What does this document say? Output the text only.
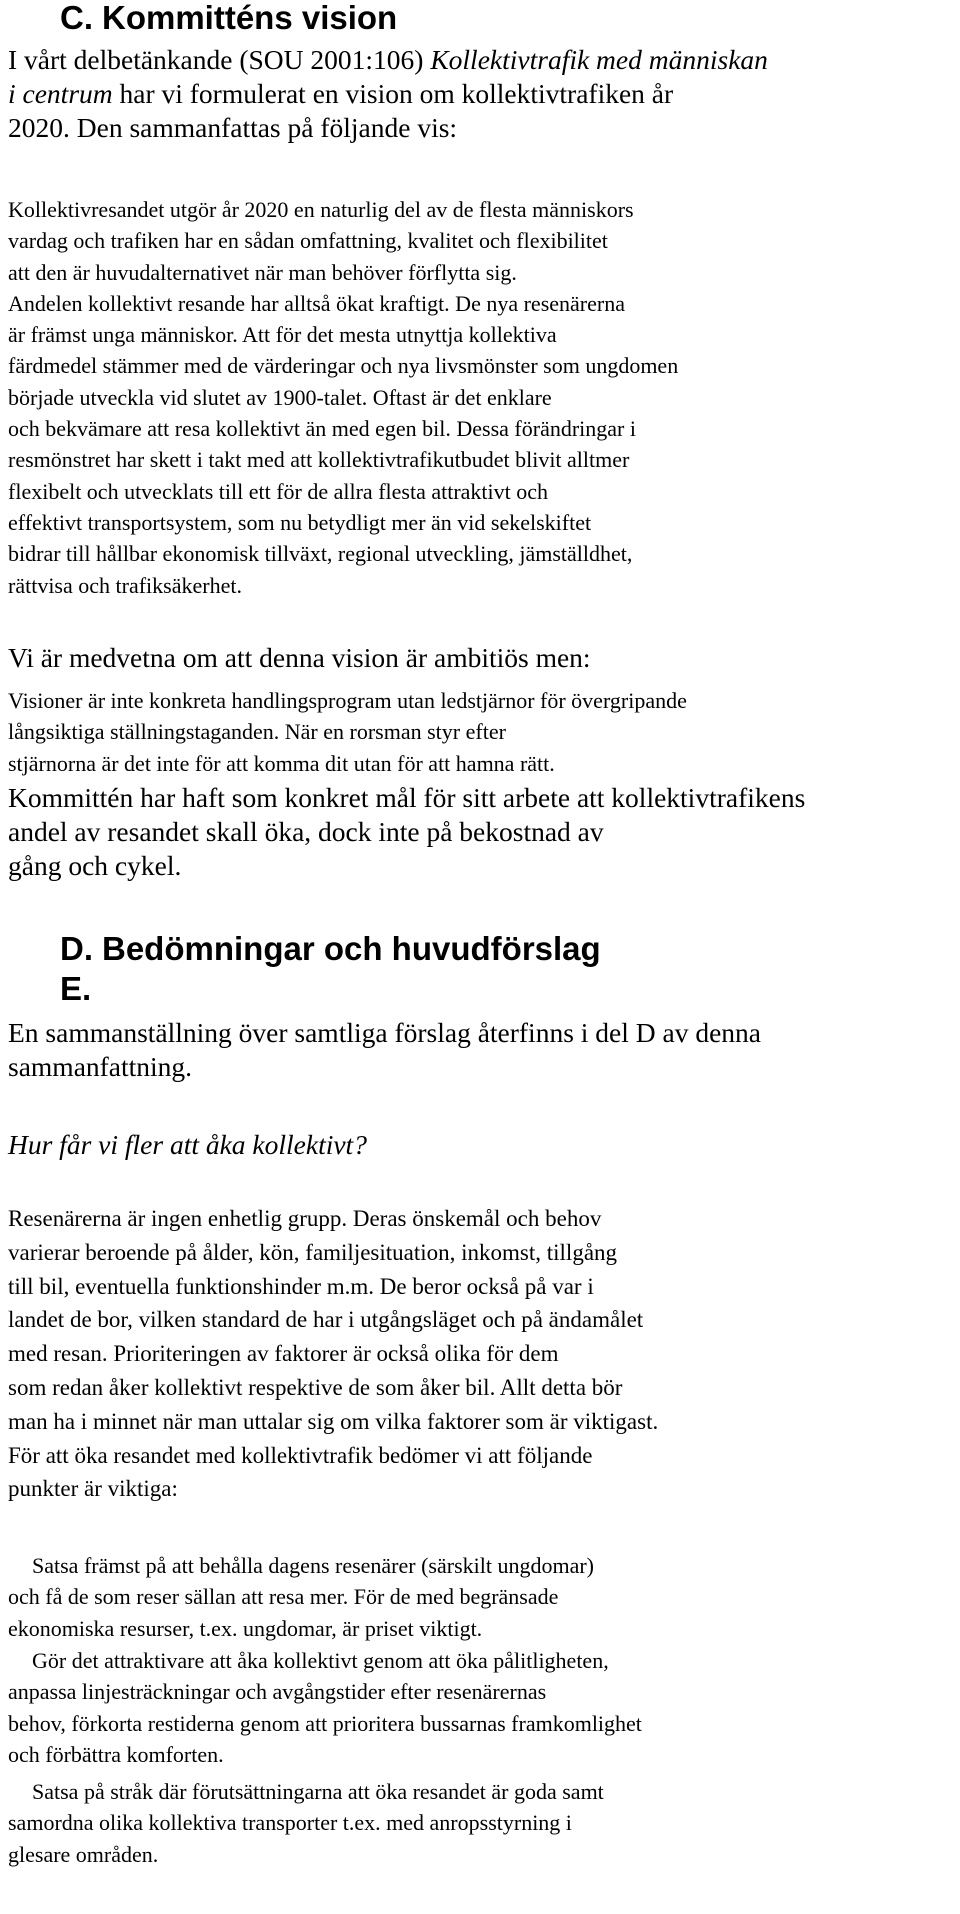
C. Kommitténs vision

I vårt delbetänkande (SOU 2001:106) Kollektivtrafik med människan
i centrum har vi formulerat en vision om kollektivtrafiken år
2020. Den sammanfattas på följande vis:

Kollektivresandet utgör år 2020 en naturlig del av de flesta människors
vardag och trafiken har en sådan omfattning, kvalitet och flexibilitet
att den är huvudalternativet när man behöver förflytta sig.
Andelen kollektivt resande har alltså ökat kraftigt. De nya resenärerna
är främst unga människor. Att för det mesta utnyttja kollektiva
färdmedel stämmer med de värderingar och nya livsmönster som ungdomen
började utveckla vid slutet av 1900-talet. Oftast är det enklare
och bekvämare att resa kollektivt än med egen bil. Dessa förändringar i
resmönstret har skett i takt med att kollektivtrafikutbudet blivit alltmer
flexibelt och utvecklats till ett för de allra flesta attraktivt och
effektivt transportsystem, som nu betydligt mer än vid sekelskiftet
bidrar till hållbar ekonomisk tillväxt, regional utveckling, jämställdhet,
rättvisa och trafiksäkerhet.

Vi är medvetna om att denna vision är ambitiös men:

Visioner är inte konkreta handlingsprogram utan ledstjärnor för övergripande
långsiktiga ställningstaganden. När en rorsman styr efter
stjärnorna är det inte för att komma dit utan för att hamna rätt.

Kommittén har haft som konkret mål för sitt arbete att kollektivtrafikens
andel av resandet skall öka, dock inte på bekostnad av
gång och cykel.

D. Bedömningar och huvudförslag
E.

En sammanställning över samtliga förslag återfinns i del D av denna
sammanfattning.

Hur får vi fler att åka kollektivt?

Resenärerna är ingen enhetlig grupp. Deras önskemål och behov
varierar beroende på ålder, kön, familjesituation, inkomst, tillgång
till bil, eventuella funktionshinder m.m. De beror också på var i
landet de bor, vilken standard de har i utgångsläget och på ändamålet
med resan. Prioriteringen av faktorer är också olika för dem
som redan åker kollektivt respektive de som åker bil. Allt detta bör
man ha i minnet när man uttalar sig om vilka faktorer som är viktigast.
För att öka resandet med kollektivtrafik bedömer vi att följande
punkter är viktiga:

Satsa främst på att behålla dagens resenärer (särskilt ungdomar)
och få de som reser sällan att resa mer. För de med begränsade
ekonomiska resurser, t.ex. ungdomar, är priset viktigt.

Gör det attraktivare att åka kollektivt genom att öka pålitligheten,
anpassa linjesträckningar och avgångstider efter resenärernas
behov, förkorta restiderna genom att prioritera bussarnas framkomlighet
och förbättra komforten.

Satsa på stråk där förutsättningarna att öka resandet är goda samt
samordna olika kollektiva transporter t.ex. med anropsstyrning i
glesare områden.
